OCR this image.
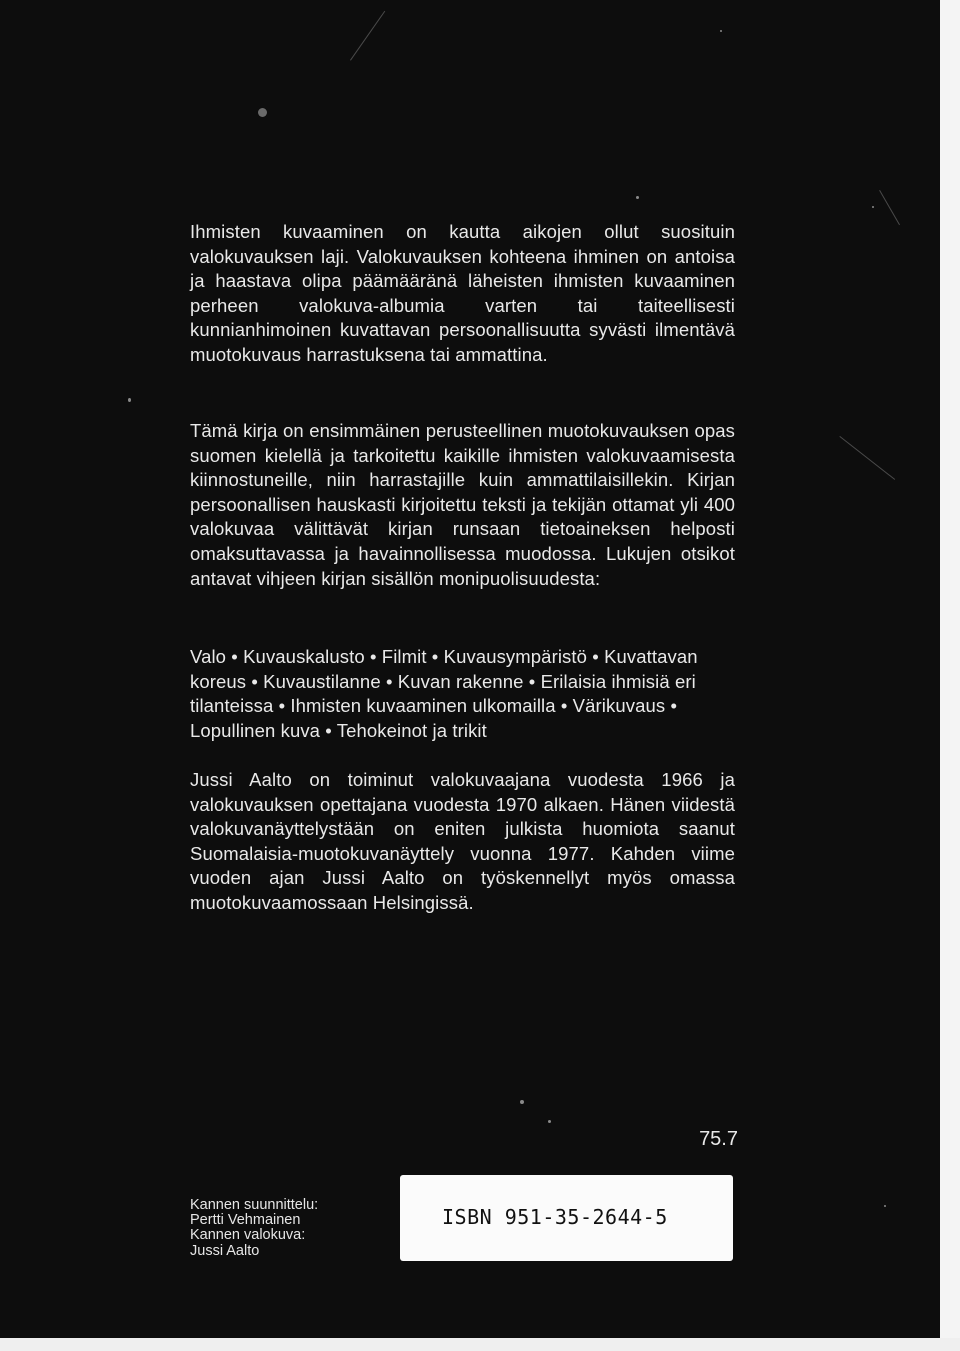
Ihmisten kuvaaminen on kautta aikojen ollut suosituin valokuvauksen laji. Valokuvauksen kohteena ihminen on antoisa ja haastava olipa päämääränä läheisten ihmisten kuvaaminen perheen valokuva-albumia varten tai taiteellisesti kunnianhimoinen kuvattavan persoonallisuutta syvästi ilmentävä muotokuvaus harrastuksena tai ammattina.

Tämä kirja on ensimmäinen perusteellinen muotokuvauksen opas suomen kielellä ja tarkoitettu kaikille ihmisten valokuvaamisesta kiinnostuneille, niin harrastajille kuin ammattilaisillekin. Kirjan persoonallisen hauskasti kirjoitettu teksti ja tekijän ottamat yli 400 valokuvaa välittävät kirjan runsaan tietoaineksen helposti omaksuttavassa ja havainnollisessa muodossa. Lukujen otsikot antavat vihjeen kirjan sisällön monipuolisuudesta:

Valo • Kuvauskalusto • Filmit • Kuvausympäristö • Kuvattavan koreus • Kuvaustilanne • Kuvan rakenne • Erilaisia ihmisiä eri tilanteissa • Ihmisten kuvaaminen ulkomailla • Värikuvaus • Lopullinen kuva • Tehokeinot ja trikit

Jussi Aalto on toiminut valokuvaajana vuodesta 1966 ja valokuvauksen opettajana vuodesta 1970 alkaen. Hänen viidestä valokuvanäyttelystään on eniten julkista huomiota saanut Suomalaisia-muotokuvanäyttely vuonna 1977. Kahden viime vuoden ajan Jussi Aalto on työskennellyt myös omassa muotokuvaamossaan Helsingissä.

75.7
Kannen suunnittelu:
Pertti Vehmainen
Kannen valokuva:
Jussi Aalto
ISBN 951-35-2644-5
